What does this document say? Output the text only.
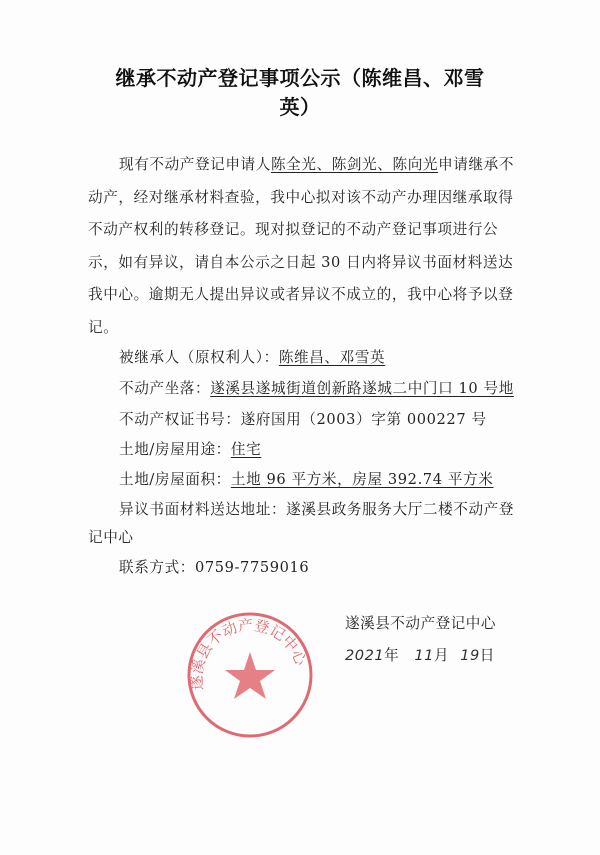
继承不动产登记事项公示（陈维昌、邓雪
英）
现有不动产登记申请人陈全光、陈剑光、陈向光申请继承不动产，经对继承材料查验，我中心拟对该不动产办理因继承取得不动产权利的转移登记。现对拟登记的不动产登记事项进行公示，如有异议，请自本公示之日起 30 日内将异议书面材料送达我中心。逾期无人提出异议或者异议不成立的，我中心将予以登记。
被继承人（原权利人）：陈维昌、邓雪英
不动产坐落：遂溪县遂城街道创新路遂城二中门口 10 号地
不动产权证书号：遂府国用（2003）字第 000227 号
土地/房屋用途：住宅
土地/房屋面积：土地 96 平方米，房屋 392.74 平方米
异议书面材料送达地址：遂溪县政务服务大厅二楼不动产登记中心
联系方式：0759-7759016
遂溪县不动产登记中心
2021年 11月 19日
遂溪县不动产登记中心
